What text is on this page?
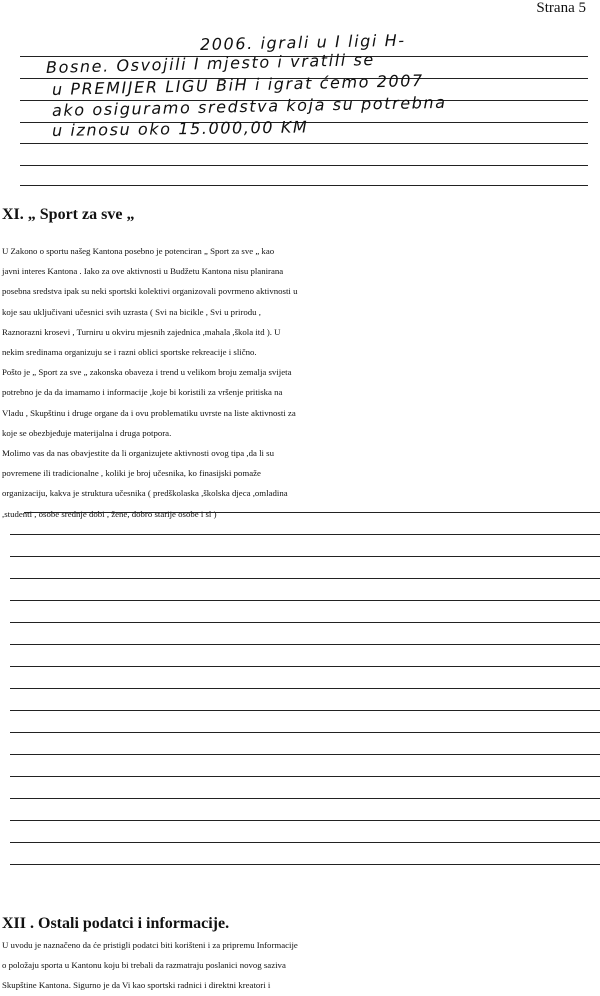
Strana 5
2006. igrali u I ligi H-
Bosne. Osvojili I mjesto i vratili se
u PREMIJER LIGU BiH i igrat ćemo 2007
ako osiguramo sredstva koja su potrebna
u iznosu oko 15.000,00 KM
XI. „ Sport za sve „

U Zakono o sportu našeg Kantona posebno je potenciran „ Sport za sve „ kao

javni interes Kantona . Iako za ove aktivnosti u Budžetu Kantona nisu planirana

posebna sredstva ipak su neki sportski kolektivi organizovali povrmeno aktivnosti u

koje sau uključivani učesnici svih uzrasta ( Svi na bicikle , Svi u prirodu ,

Raznorazni krosevi , Turniru u okviru mjesnih zajednica ,mahala ,škola itd ). U

nekim sredinama organizuju se i razni oblici sportske rekreacije i slično.

Pošto je „ Sport za sve „ zakonska obaveza i trend u velikom broju zemalja svijeta

potrebno je da da imamamo i informacije ,koje bi koristili za vršenje pritiska na

Vladu , Skupštinu i druge organe da i ovu problematiku uvrste na liste aktivnosti za

koje se obezbjeđuje materijalna i druga potpora.

Molimo vas da nas obavjestite da li organizujete aktivnosti ovog tipa ,da li su

povremene ili tradicionalne , koliki je broj učesnika, ko finasijski pomaže

organizaciju, kakva je struktura učesnika ( predškolaska ,školska djeca ,omladina

,studenti , osobe srednje dobi , žene, dobro starije osobe i sl )

XII . Ostali podatci i informacije.

U uvodu je naznačeno da će pristigli podatci biti korišteni i za pripremu Informacije

o položaju sporta u Kantonu koju bi trebali da razmatraju poslanici novog saziva

Skupštine Kantona. Sigurno je da Vi kao sportski radnici i direktni kreatori i
